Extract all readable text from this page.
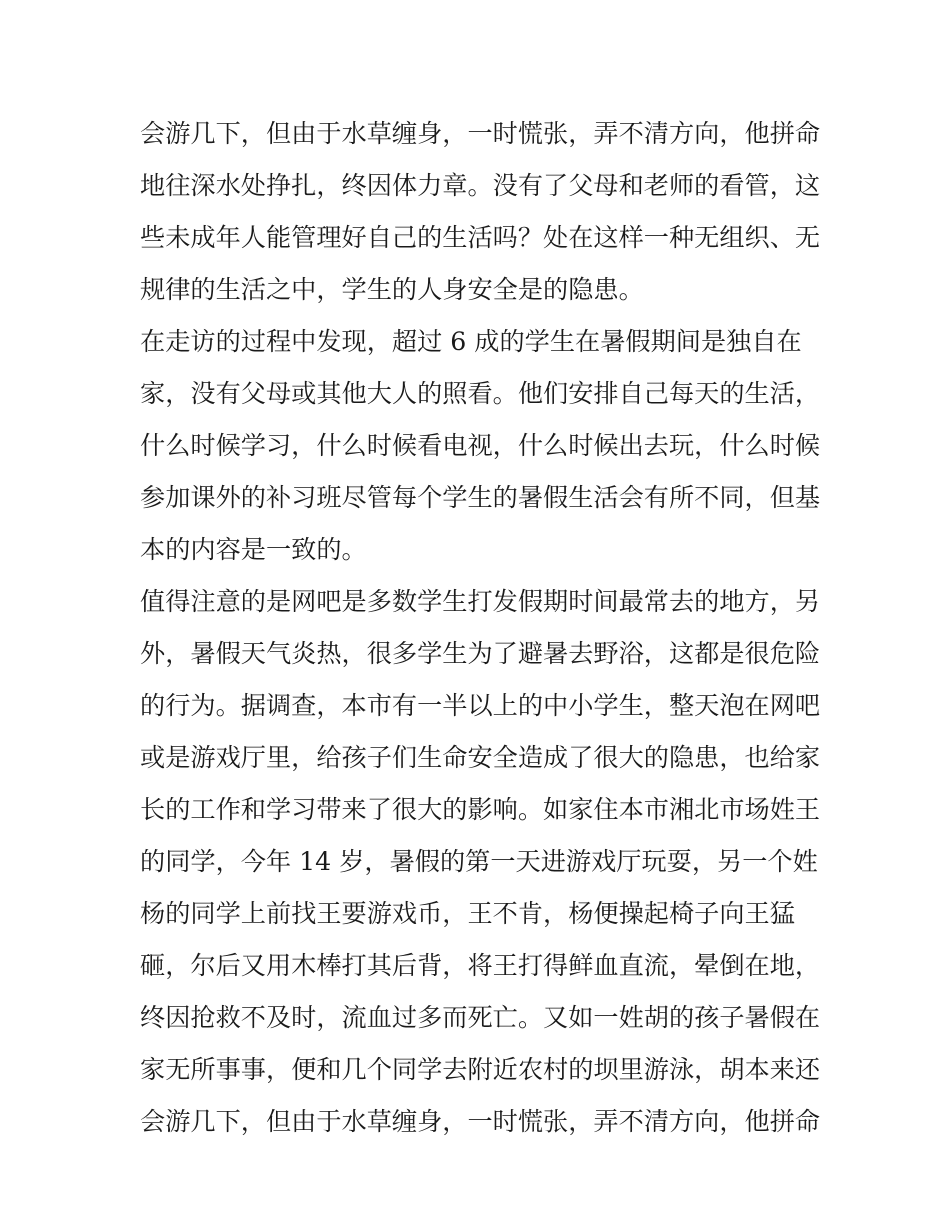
会游几下，但由于水草缠身，一时慌张，弄不清方向，他拼命
地往深水处挣扎，终因体力章。没有了父母和老师的看管，这
些未成年人能管理好自己的生活吗？处在这样一种无组织、无
规律的生活之中，学生的人身安全是的隐患。
在走访的过程中发现，超过 6 成的学生在暑假期间是独自在
家，没有父母或其他大人的照看。他们安排自己每天的生活，
什么时候学习，什么时候看电视，什么时候出去玩，什么时候
参加课外的补习班尽管每个学生的暑假生活会有所不同，但基
本的内容是一致的。
值得注意的是网吧是多数学生打发假期时间最常去的地方，另
外，暑假天气炎热，很多学生为了避暑去野浴，这都是很危险
的行为。据调查，本市有一半以上的中小学生，整天泡在网吧
或是游戏厅里，给孩子们生命安全造成了很大的隐患，也给家
长的工作和学习带来了很大的影响。如家住本市湘北市场姓王
的同学，今年 14 岁，暑假的第一天进游戏厅玩耍，另一个姓
杨的同学上前找王要游戏币，王不肯，杨便操起椅子向王猛
砸，尔后又用木棒打其后背，将王打得鲜血直流，晕倒在地，
终因抢救不及时，流血过多而死亡。又如一姓胡的孩子暑假在
家无所事事，便和几个同学去附近农村的坝里游泳，胡本来还
会游几下，但由于水草缠身，一时慌张，弄不清方向，他拼命
